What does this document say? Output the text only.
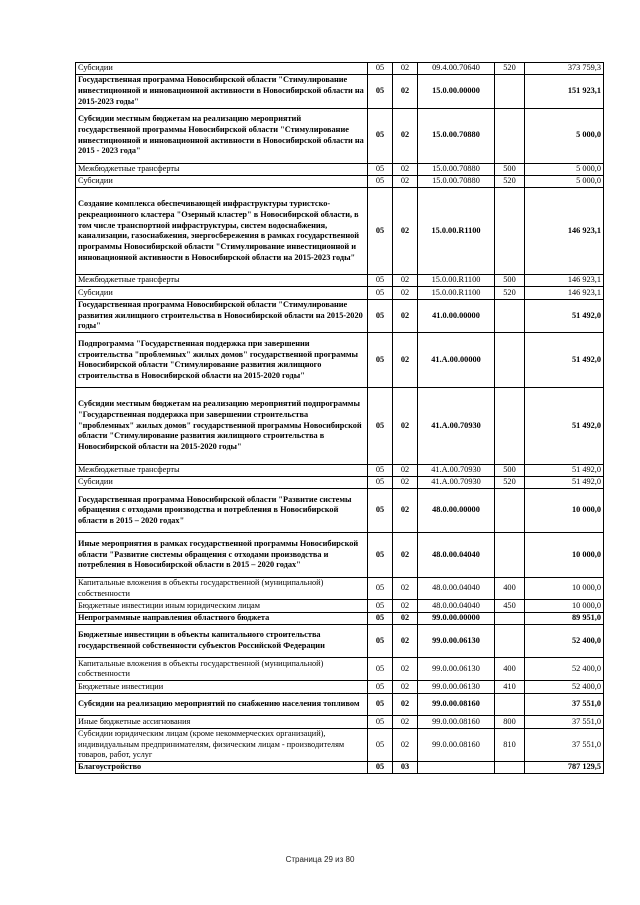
Субсидии	05	02	09.4.00.70640	520	373 759,3
Государственная программа Новосибирской области "Стимулирование инвестиционной и инновационной активности в Новосибирской области на 2015-2023 годы"	05	02	15.0.00.00000		151 923,1
Субсидии местным бюджетам на реализацию мероприятий государственной программы Новосибирской области "Стимулирование инвестиционной и инновационной активности в Новосибирской области на 2015 - 2023 года"	05	02	15.0.00.70880		5 000,0
Межбюджетные трансферты	05	02	15.0.00.70880	500	5 000,0
Субсидии	05	02	15.0.00.70880	520	5 000,0
Создание комплекса обеспечивающей инфраструктуры туристско-рекреационного кластера "Озерный кластер" в Новосибирской области, в том числе транспортной инфраструктуры, систем водоснабжения, канализации, газоснабжения, энергосбережения в рамках государственной программы Новосибирской области "Стимулирование инвестиционной и инновационной активности в Новосибирской области на 2015-2023 годы"	05	02	15.0.00.R1100		146 923,1
Межбюджетные трансферты	05	02	15.0.00.R1100	500	146 923,1
Субсидии	05	02	15.0.00.R1100	520	146 923,1
Государственная программа Новосибирской области "Стимулирование развития жилищного строительства в Новосибирской области на 2015-2020 годы"	05	02	41.0.00.00000		51 492,0
Подпрограмма "Государственная поддержка при завершении строительства "проблемных" жилых домов" государственной программы Новосибирской области "Стимулирование развития жилищного строительства в Новосибирской области на 2015-2020 годы"	05	02	41.А.00.00000		51 492,0
Субсидии местным бюджетам на реализацию мероприятий подпрограммы "Государственная поддержка при завершении строительства "проблемных" жилых домов" государственной программы Новосибирской области "Стимулирование развития жилищного строительства в Новосибирской области на 2015-2020 годы"	05	02	41.А.00.70930		51 492,0
Межбюджетные трансферты	05	02	41.А.00.70930	500	51 492,0
Субсидии	05	02	41.А.00.70930	520	51 492,0
Государственная программа Новосибирской области "Развитие системы обращения с отходами производства и потребления в Новосибирской области в 2015 – 2020 годах"	05	02	48.0.00.00000		10 000,0
Иные мероприятия в рамках государственной программы Новосибирской области "Развитие системы обращения с отходами производства и потребления в Новосибирской области в 2015 – 2020 годах"	05	02	48.0.00.04040		10 000,0
Капитальные вложения в объекты государственной (муниципальной) собственности	05	02	48.0.00.04040	400	10 000,0
Бюджетные инвестиции иным юридическим лицам	05	02	48.0.00.04040	450	10 000,0
Непрограммные направления областного бюджета	05	02	99.0.00.00000		89 951,0
Бюджетные инвестиции в объекты капитального строительства государственной собственности субъектов Российской Федерации	05	02	99.0.00.06130		52 400,0
Капитальные вложения в объекты государственной (муниципальной) собственности	05	02	99.0.00.06130	400	52 400,0
Бюджетные инвестиции	05	02	99.0.00.06130	410	52 400,0
Субсидии на реализацию мероприятий по снабжению населения топливом	05	02	99.0.00.08160		37 551,0
Иные бюджетные ассигнования	05	02	99.0.00.08160	800	37 551,0
Субсидии юридическим лицам (кроме некоммерческих организаций), индивидуальным предпринимателям, физическим лицам - производителям товаров, работ, услуг	05	02	99.0.00.08160	810	37 551,0
Благоустройство	05	03			787 129,5
Страница 29 из 80
